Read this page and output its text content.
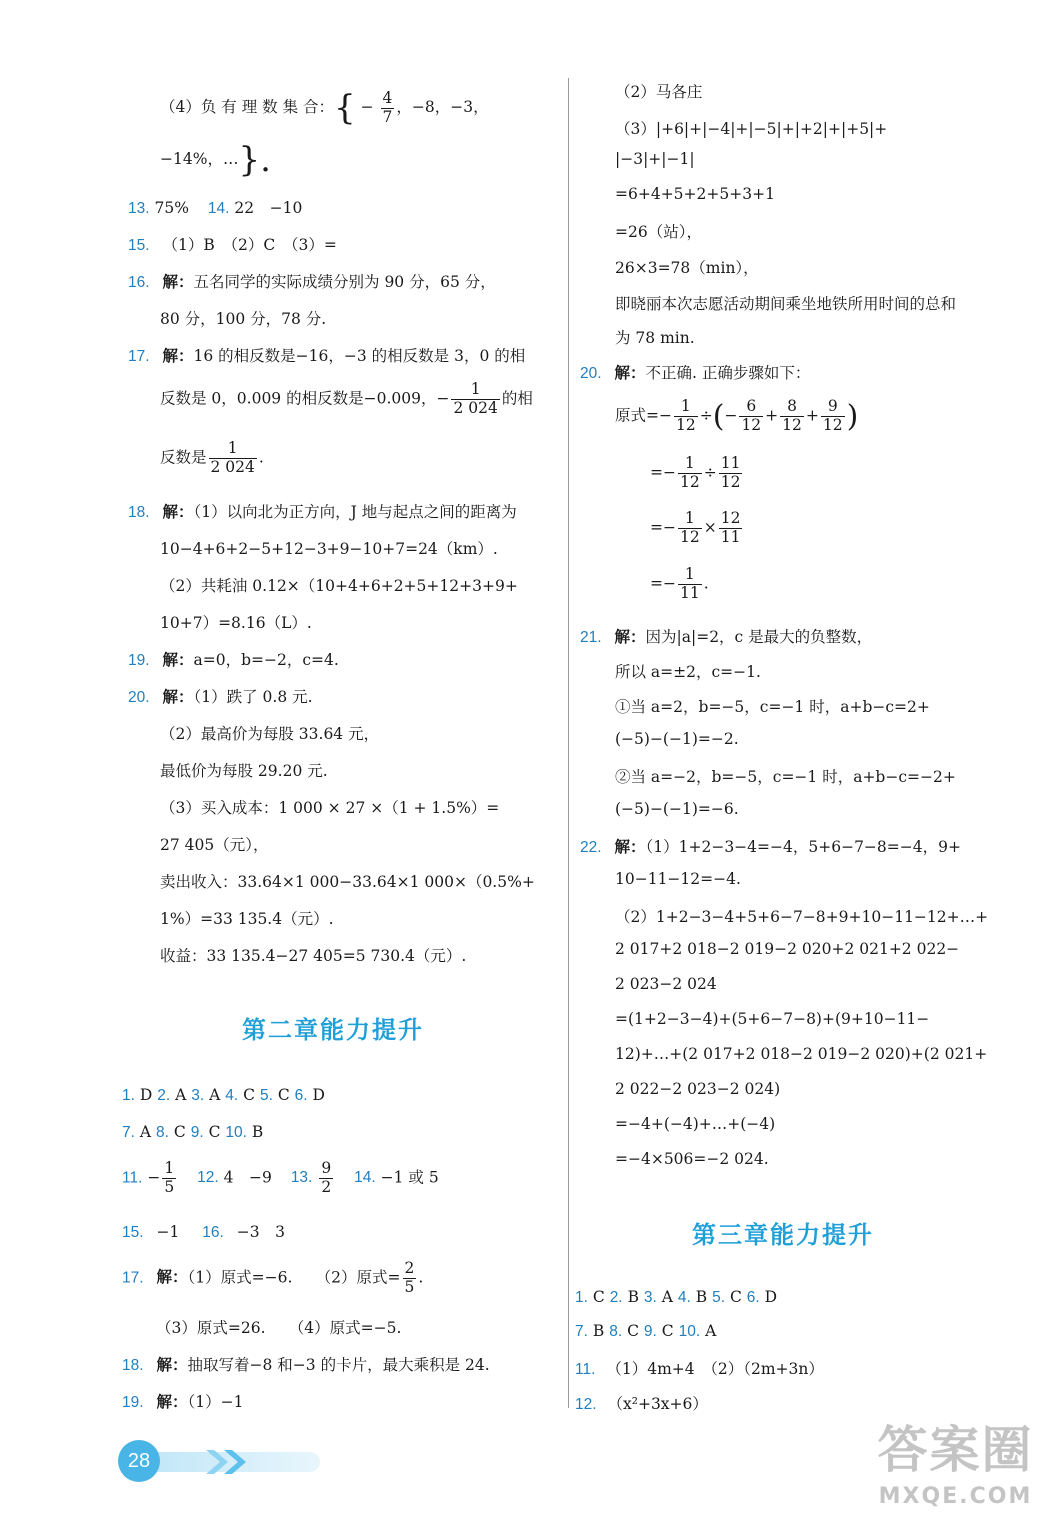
（4）负 有 理 数 集 合：{ − $\frac{4}{7}$ ，−8，−3，
−14%，…}.
13. 75% 14. 22　−10
15. （1）B　（2）C　（3）=
16. 解：五名同学的实际成绩分别为 90 分，65 分，
80 分，100 分，78 分.
17. 解：16 的相反数是−16，−3 的相反数是 3，0 的相
反数是 0，0.009 的相反数是−0.009，− $\frac{1}{2 024}$ 的相
反数是 $\frac{1}{2 024}$ .
18. 解：（1）以向北为正方向，J 地与起点之间的距离为
10−4+6+2−5+12−3+9−10+7=24（km）.
（2）共耗油 0.12×（10+4+6+2+5+12+3+9+
10+7）=8.16（L）.
19. 解：a=0，b=−2，c=4.
20. 解：（1）跌了 0.8 元.
（2）最高价为每股 33.64 元，
最低价为每股 29.20 元.
（3）买入成本：1 000 × 27 ×（1 + 1.5%）=
27 405（元），
卖出收入：33.64×1 000−33.64×1 000×（0.5%+
1%）=33 135.4（元）.
收益：33 135.4−27 405=5 730.4（元）.
第二章能力提升
1. D 2. A 3. A 4. C 5. C 6. D
7. A 8. C 9. C 10. B
11. − $\frac{1}{5} 12$. 4　−9 13. $\frac{9}{2} 14$. −1 或 5
15. −1 16. −3　3
17. 解：（1）原式=−6.　　（2）原式= $\frac{2}{5}$ .
（3）原式=26.　　（4）原式=−5.
18. 解：抽取写着−8 和−3 的卡片，最大乘积是 24.
19. 解：（1）−1
（2）马各庄
（3）|+6|+|−4|+|−5|+|+2|+|+5|+
|−3|+|−1|
=6+4+5+2+5+3+1
=26（站），
26×3=78（min），
即晓丽本次志愿活动期间乘坐地铁所用时间的总和
为 78 min.
20. 解：不正确. 正确步骤如下：
原式=− $\frac{1}{12}$ ÷(− $\frac{6}{12} + \frac{8}{12} + \frac{9}{12}$ )
=− $\frac{1}{12} \div \frac{11}{12}$
=− $\frac{1}{12} \times \frac{12}{11}$
=− $\frac{1}{11}$ .
21. 解：因为|a|=2，c 是最大的负整数，
所以 a=±2，c=−1.
①当 a=2，b=−5，c=−1 时，a+b−c=2+
(−5)−(−1)=−2.
②当 a=−2，b=−5，c=−1 时，a+b−c=−2+
(−5)−(−1)=−6.
22. 解：（1）1+2−3−4=−4，5+6−7−8=−4，9+
10−11−12=−4.
（2）1+2−3−4+5+6−7−8+9+10−11−12+…+
2 017+2 018−2 019−2 020+2 021+2 022−
2 023−2 024
=(1+2−3−4)+(5+6−7−8)+(9+10−11−
12)+…+(2 017+2 018−2 019−2 020)+(2 021+
2 022−2 023−2 024)
=−4+(−4)+…+(−4)
=−4×506=−2 024.
第三章能力提升
1. C 2. B 3. A 4. B 5. C 6. D
7. B 8. C 9. C 10. A
11. （1）4m+4　（2）（2m+3n）
12. （x²+3x+6）
28	答案圈
MXQE.COM
